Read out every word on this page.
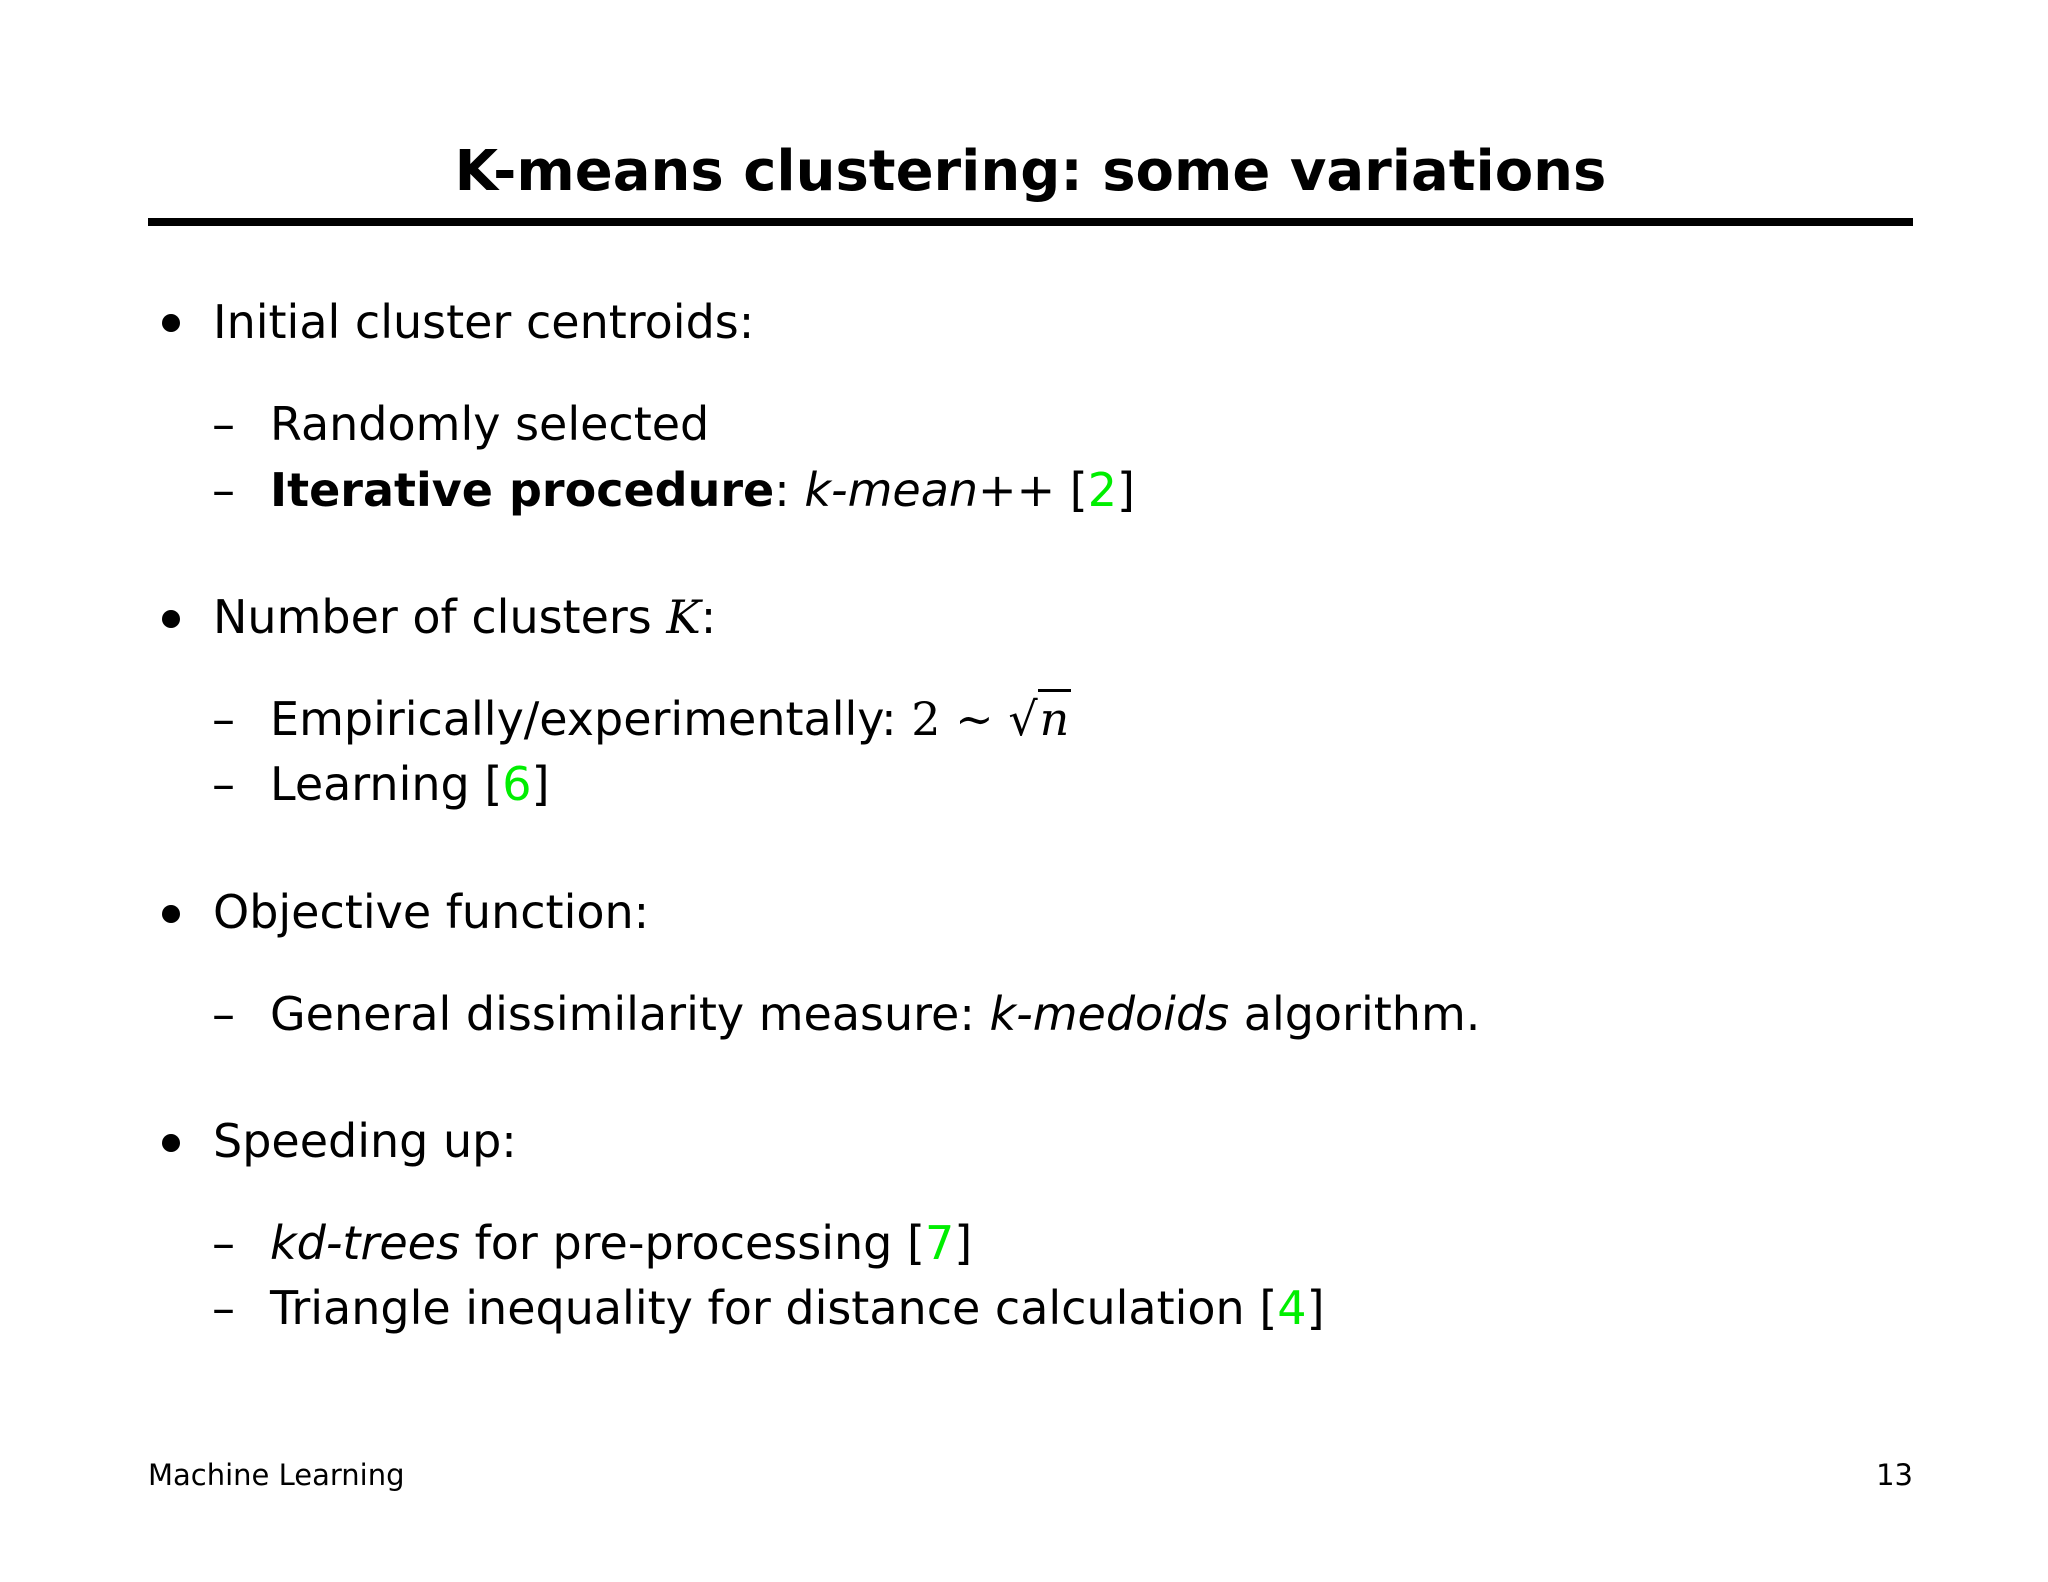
K-means clustering: some variations
Initial cluster centroids:
– Randomly selected
– Iterative procedure: k-mean++ [2]
Number of clusters K:
– Empirically/experimentally: 2 ∼ √n
– Learning [6]
Objective function:
– General dissimilarity measure: k-medoids algorithm.
Speeding up:
– kd-trees for pre-processing [7]
– Triangle inequality for distance calculation [4]
Machine Learning	13
